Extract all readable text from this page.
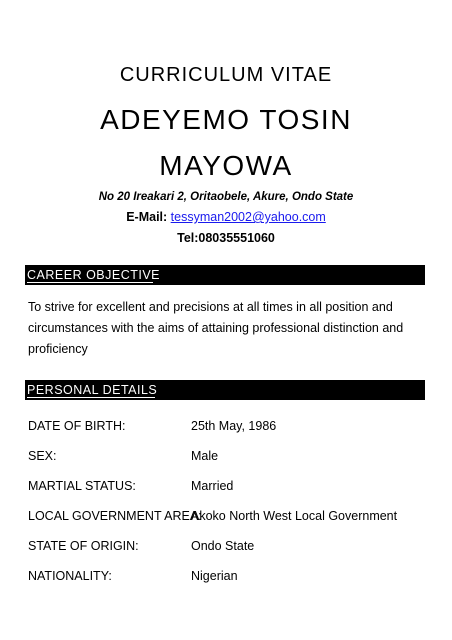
CURRICULUM VITAE
ADEYEMO TOSIN
MAYOWA
No 20 Ireakari 2, Oritaobele, Akure, Ondo State
E-Mail: tessyman2002@yahoo.com
Tel:08035551060
CAREER OBJECTIVE
To strive for excellent and precisions at all times in all position and circumstances with the aims of attaining professional distinction and proficiency
PERSONAL DETAILS
DATE OF BIRTH:	25th May, 1986
SEX:	Male
MARTIAL STATUS:	Married
LOCAL GOVERNMENT AREA:
Akoko North West Local Government
STATE OF ORIGIN:	Ondo State
NATIONALITY:	Nigerian
